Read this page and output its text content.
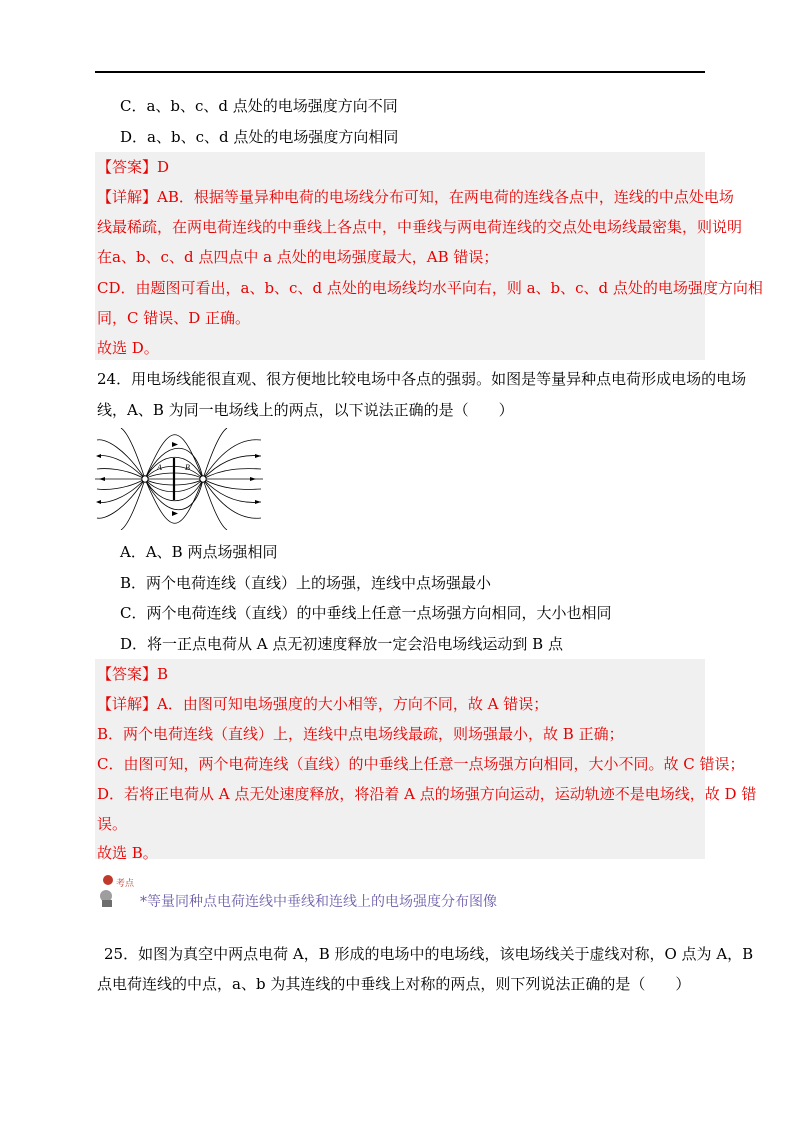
C．a、b、c、d 点处的电场强度方向不同
D．a、b、c、d 点处的电场强度方向相同
【答案】D
【详解】AB．根据等量异种电荷的电场线分布可知，在两电荷的连线各点中，连线的中点处电场
线最稀疏，在两电荷连线的中垂线上各点中，中垂线与两电荷连线的交点处电场线最密集，则说明
在a、b、c、d 点四点中 a 点处的电场强度最大，AB 错误；
CD．由题图可看出，a、b、c、d 点处的电场线均水平向右，则 a、b、c、d 点处的电场强度方向相
同，C 错误、D 正确。
故选 D。
24．用电场线能很直观、很方便地比较电场中各点的强弱。如图是等量异种点电荷形成电场的电场
线，A、B 为同一电场线上的两点，以下说法正确的是（　　）
A	B
A．A、B 两点场强相同
B．两个电荷连线（直线）上的场强，连线中点场强最小
C．两个电荷连线（直线）的中垂线上任意一点场强方向相同，大小也相同
D．将一正点电荷从 A 点无初速度释放一定会沿电场线运动到 B 点
【答案】B
【详解】A．由图可知电场强度的大小相等，方向不同，故 A 错误；
B．两个电荷连线（直线）上，连线中点电场线最疏，则场强最小，故 B 正确；
C．由图可知，两个电荷连线（直线）的中垂线上任意一点场强方向相同，大小不同。故 C 错误；
D．若将正电荷从 A 点无处速度释放，将沿着 A 点的场强方向运动，运动轨迹不是电场线，故 D 错
误。
故选 B。
考点
*等量同种点电荷连线中垂线和连线上的电场强度分布图像
25．如图为真空中两点电荷 A，B 形成的电场中的电场线，该电场线关于虚线对称，O 点为 A，B
点电荷连线的中点，a、b 为其连线的中垂线上对称的两点，则下列说法正确的是（　　）
